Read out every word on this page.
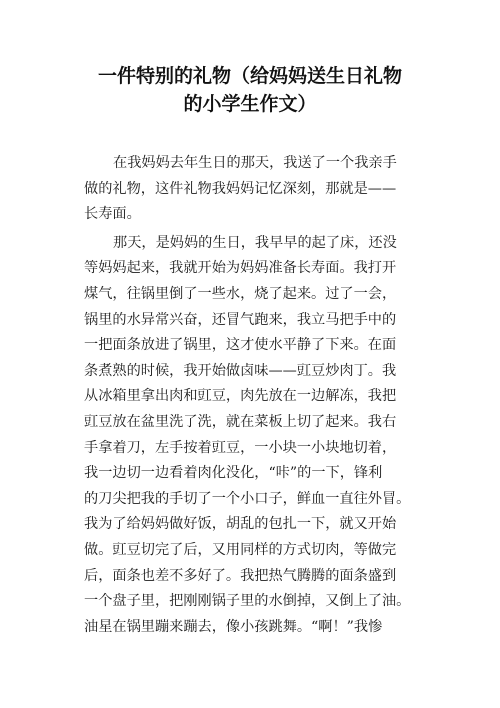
一件特别的礼物（给妈妈送生日礼物
的小学生作文）
在我妈妈去年生日的那天，我送了一个我亲手
做的礼物，这件礼物我妈妈记忆深刻，那就是——
长寿面。
那天，是妈妈的生日，我早早的起了床，还没
等妈妈起来，我就开始为妈妈准备长寿面。我打开
煤气，往锅里倒了一些水，烧了起来。过了一会，
锅里的水异常兴奋，还冒气跑来，我立马把手中的
一把面条放进了锅里，这才使水平静了下来。在面
条煮熟的时候，我开始做卤味——豇豆炒肉丁。我
从冰箱里拿出肉和豇豆，肉先放在一边解冻，我把
豇豆放在盆里洗了洗，就在菜板上切了起来。我右
手拿着刀，左手按着豇豆，一小块一小块地切着，
我一边切一边看着肉化没化，“咔”的一下，锋利
的刀尖把我的手切了一个小口子，鲜血一直往外冒。
我为了给妈妈做好饭，胡乱的包扎一下，就又开始
做。豇豆切完了后，又用同样的方式切肉，等做完
后，面条也差不多好了。我把热气腾腾的面条盛到
一个盘子里，把刚刚锅子里的水倒掉，又倒上了油。
油星在锅里蹦来蹦去，像小孩跳舞。“啊！”我惨
